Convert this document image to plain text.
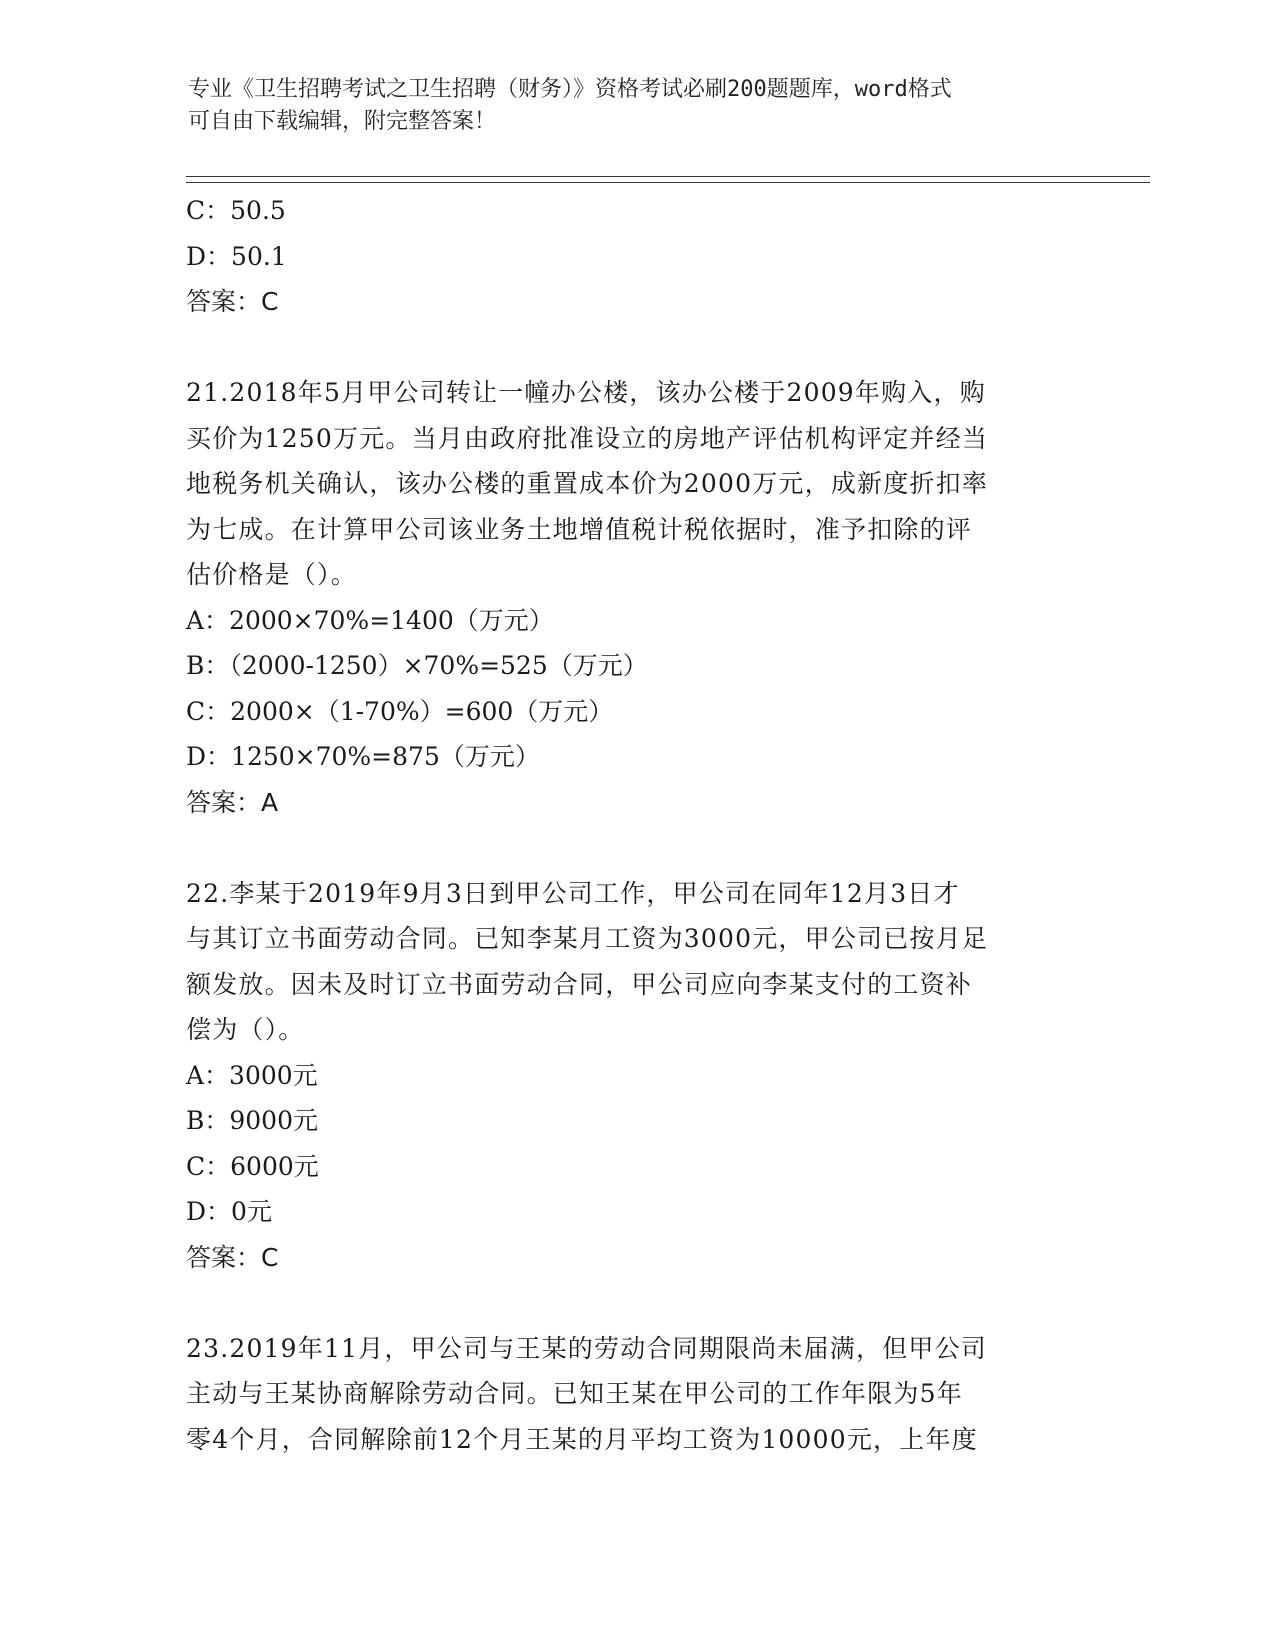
专业《卫生招聘考试之卫生招聘（财务）》资格考试必刷200题题库，word格式
可自由下载编辑，附完整答案！
C：50.5
D：50.1
答案：C
21.2018年5月甲公司转让一幢办公楼，该办公楼于2009年购入，购
买价为1250万元。当月由政府批准设立的房地产评估机构评定并经当
地税务机关确认，该办公楼的重置成本价为2000万元，成新度折扣率
为七成。在计算甲公司该业务土地增值税计税依据时，准予扣除的评
估价格是（）。
A：2000×70%=1400（万元）
B：（2000-1250）×70%=525（万元）
C：2000×（1-70%）=600（万元）
D：1250×70%=875（万元）
答案：A
22.李某于2019年9月3日到甲公司工作，甲公司在同年12月3日才
与其订立书面劳动合同。已知李某月工资为3000元，甲公司已按月足
额发放。因未及时订立书面劳动合同，甲公司应向李某支付的工资补
偿为（）。
A：3000元
B：9000元
C：6000元
D：0元
答案：C
23.2019年11月，甲公司与王某的劳动合同期限尚未届满，但甲公司
主动与王某协商解除劳动合同。已知王某在甲公司的工作年限为5年
零4个月，合同解除前12个月王某的月平均工资为10000元，上年度
